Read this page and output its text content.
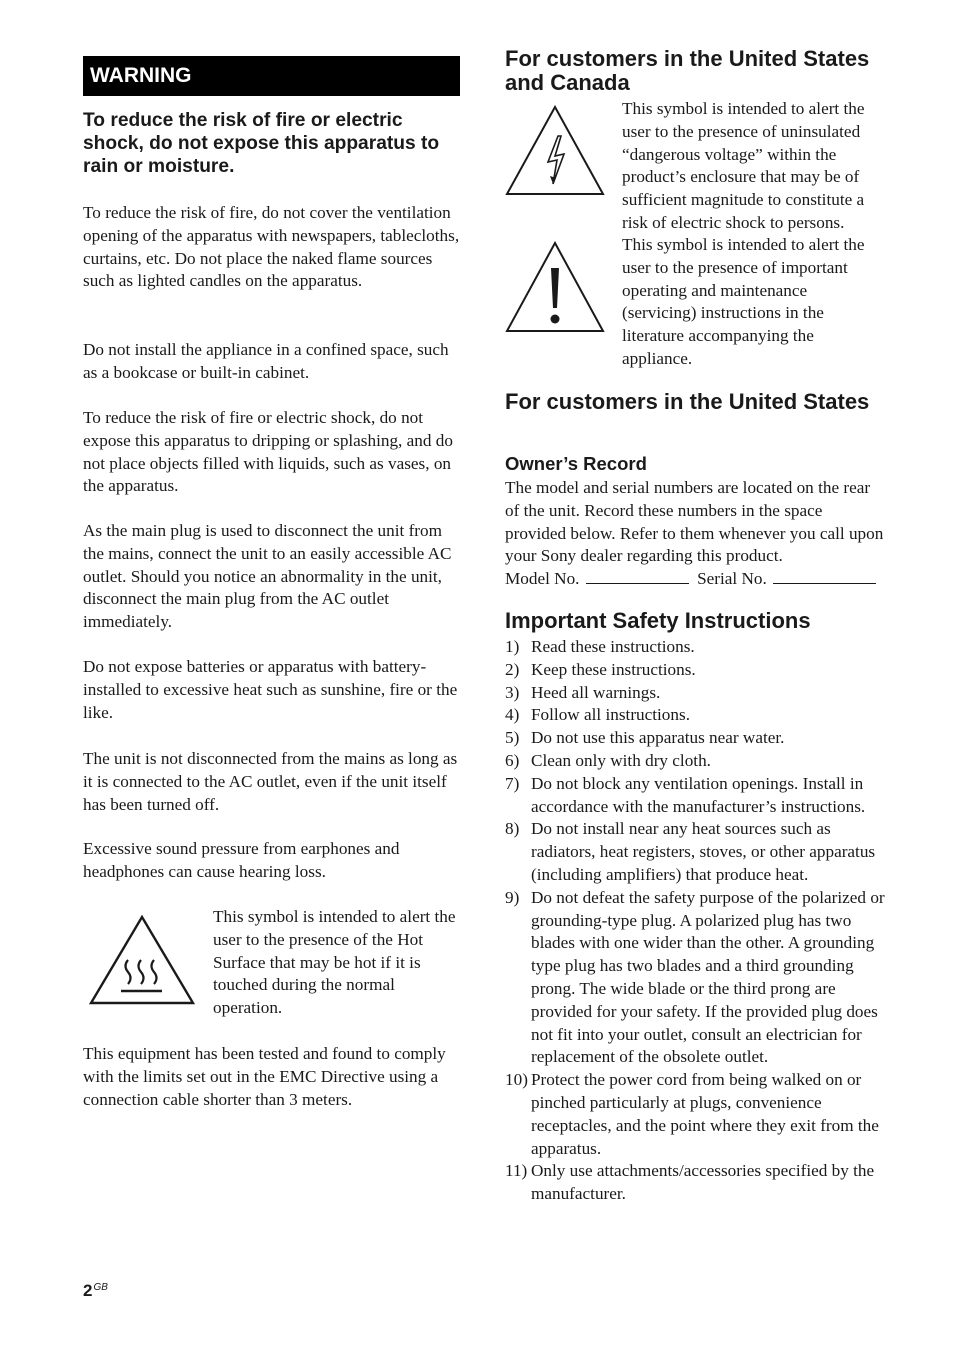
WARNING
To reduce the risk of fire or electric shock, do not expose this apparatus to rain or moisture.

To reduce the risk of fire, do not cover the ventilation opening of the apparatus with newspapers, tablecloths, curtains, etc. Do not place the naked flame sources such as lighted candles on the apparatus.

Do not install the appliance in a confined space, such as a bookcase or built-in cabinet.

To reduce the risk of fire or electric shock, do not expose this apparatus to dripping or splashing, and do not place objects filled with liquids, such as vases, on the apparatus.

As the main plug is used to disconnect the unit from the mains, connect the unit to an easily accessible AC outlet. Should you notice an abnormality in the unit, disconnect the main plug from the AC outlet immediately.

Do not expose batteries or apparatus with battery-installed to excessive heat such as sunshine, fire or the like.

The unit is not disconnected from the mains as long as it is connected to the AC outlet, even if the unit itself has been turned off.

Excessive sound pressure from earphones and headphones can cause hearing loss.

This symbol is intended to alert the user to the presence of the Hot Surface that may be hot if it is touched during the normal operation.

This equipment has been tested and found to comply with the limits set out in the EMC Directive using a connection cable shorter than 3 meters.

For customers in the United States and Canada

This symbol is intended to alert the user to the presence of uninsulated “dangerous voltage” within the product’s enclosure that may be of sufficient magnitude to constitute a risk of electric shock to persons.

This symbol is intended to alert the user to the presence of important operating and maintenance (servicing) instructions in the literature accompanying the appliance.

For customers in the United States
Owner’s Record

The model and serial numbers are located on the rear of the unit. Record these numbers in the space provided below. Refer to them whenever you call upon your Sony dealer regarding this product.

Model No.	Serial No.
Important Safety Instructions
1) Read these instructions.
2) Keep these instructions.
3) Heed all warnings.
4) Follow all instructions.
5) Do not use this apparatus near water.
6) Clean only with dry cloth.
7) Do not block any ventilation openings. Install in accordance with the manufacturer’s instructions.
8) Do not install near any heat sources such as radiators, heat registers, stoves, or other apparatus (including amplifiers) that produce heat.
9) Do not defeat the safety purpose of the polarized or grounding-type plug. A polarized plug has two blades with one wider than the other. A grounding type plug has two blades and a third grounding prong. The wide blade or the third prong are provided for your safety. If the provided plug does not fit into your outlet, consult an electrician for replacement of the obsolete outlet.
10) Protect the power cord from being walked on or pinched particularly at plugs, convenience receptacles, and the point where they exit from the apparatus.
11) Only use attachments/accessories specified by the manufacturer.
$2^{GB}$
